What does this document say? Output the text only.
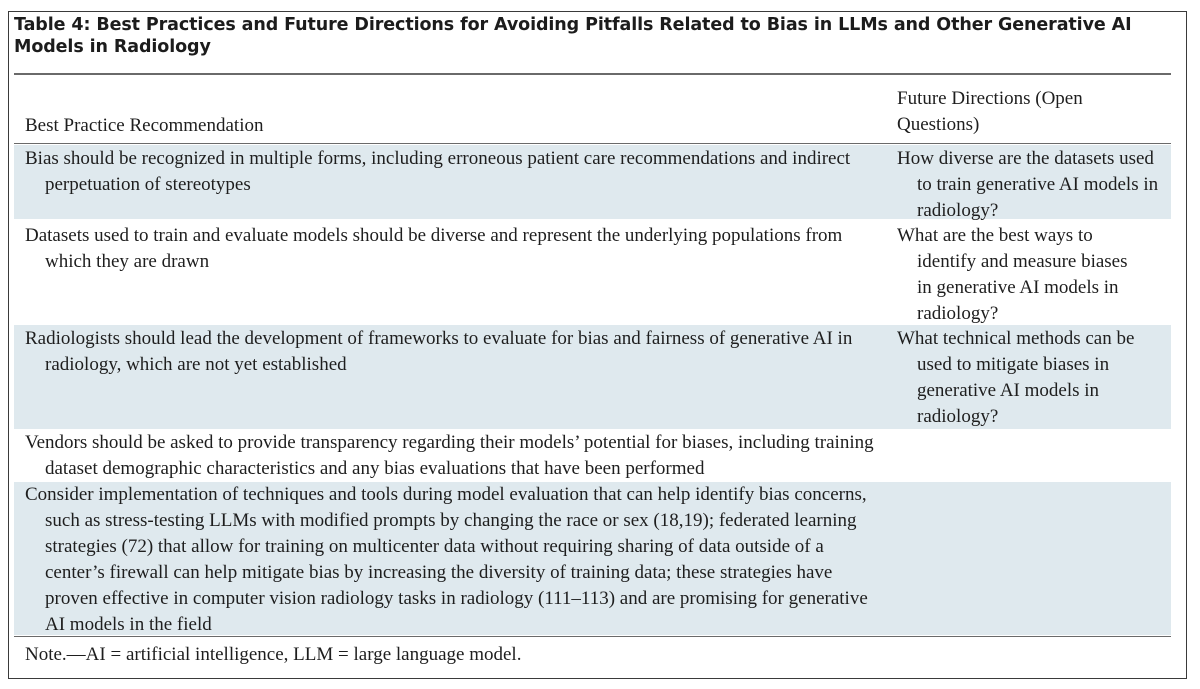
Table 4: Best Practices and Future Directions for Avoiding Pitfalls Related to Bias in LLMs and Other Generative AI Models in Radiology
Best Practice Recommendation
Future Directions (Open Questions)

Bias should be recognized in multiple forms, including erroneous patient care recommendations and indirect perpetuation of stereotypes

How diverse are the datasets used to train generative AI models in radiology?

Datasets used to train and evaluate models should be diverse and represent the underlying populations from which they are drawn

What are the best ways to identify and measure biases in generative AI models in radiology?

Radiologists should lead the development of frameworks to evaluate for bias and fairness of generative AI in radiology, which are not yet established

What technical methods can be used to mitigate biases in generative AI models in radiology?

Vendors should be asked to provide transparency regarding their models’ potential for biases, including training dataset demographic characteristics and any bias evaluations that have been performed

Consider implementation of techniques and tools during model evaluation that can help identify bias concerns, such as stress-testing LLMs with modified prompts by changing the race or sex (18,19); federated learning strategies (72) that allow for training on multicenter data without requiring sharing of data outside of a center’s firewall can help mitigate bias by increasing the diversity of training data; these strategies have proven effective in computer vision radiology tasks in radiology (111–113) and are promising for generative AI models in the field

Note.—AI = artificial intelligence, LLM = large language model.
